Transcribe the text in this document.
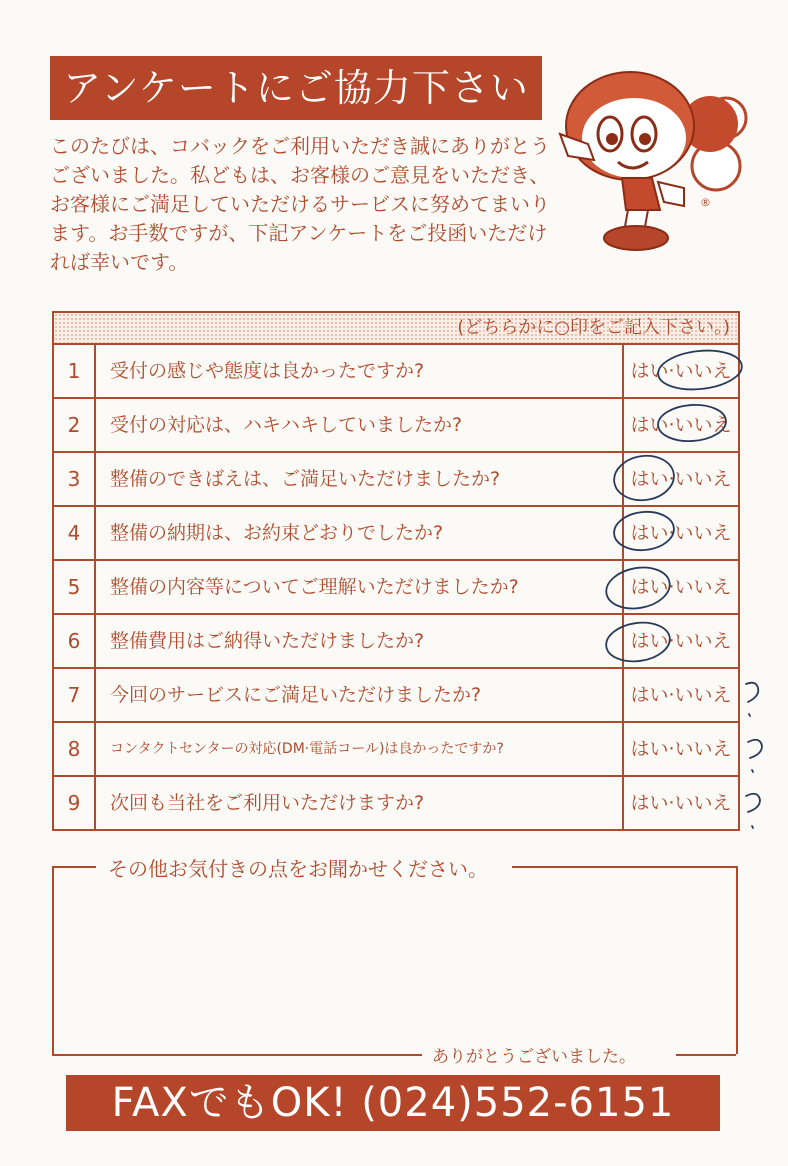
アンケートにご協力下さい
このたびは、コバックをご利用いただき誠にありがとうございました。私どもは、お客様のご意見をいただき、お客様にご満足していただけるサービスに努めてまいります。お手数ですが、下記アンケートをご投函いただければ幸いです。
®
(どちらかに○印をご記入下さい。)
1	受付の感じや態度は良かったですか?	はい·いいえ
2	受付の対応は、ハキハキしていましたか?	はい·いいえ
3	整備のできばえは、ご満足いただけましたか?	はい·いいえ
4	整備の納期は、お約束どおりでしたか?	はい·いいえ
5	整備の内容等についてご理解いただけましたか?	はい·いいえ
6	整備費用はご納得いただけましたか?	はい·いいえ
7	今回のサービスにご満足いただけましたか?	はい·いいえ
8	コンタクトセンターの対応(DM·電話コール)は良かったですか?	はい·いいえ
9	次回も当社をご利用いただけますか?	はい·いいえ
その他お気付きの点をお聞かせください。
ありがとうございました。
FAXでもOK! (024)552-6151
